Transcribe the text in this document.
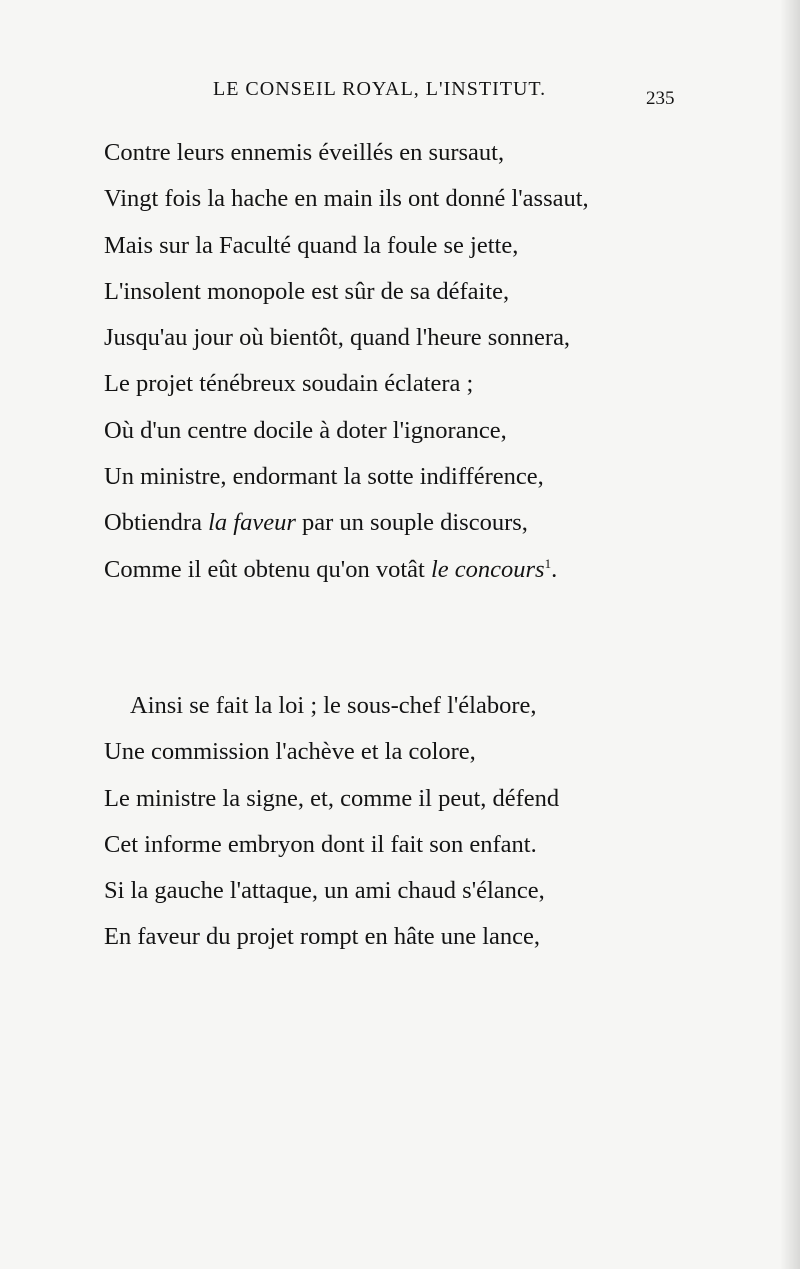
LE CONSEIL ROYAL, L'INSTITUT.	235
Contre leurs ennemis éveillés en sursaut,
Vingt fois la hache en main ils ont donné l'assaut,
Mais sur la Faculté quand la foule se jette,
L'insolent monopole est sûr de sa défaite,
Jusqu'au jour où bientôt, quand l'heure sonnera,
Le projet ténébreux soudain éclatera ;
Où d'un centre docile à doter l'ignorance,
Un ministre, endormant la sotte indifférence,
Obtiendra la faveur par un souple discours,
Comme il eût obtenu qu'on votât le concours$^1$.
Ainsi se fait la loi ; le sous-chef l'élabore,
Une commission l'achève et la colore,
Le ministre la signe, et, comme il peut, défend
Cet informe embryon dont il fait son enfant.
Si la gauche l'attaque, un ami chaud s'élance,
En faveur du projet rompt en hâte une lance,
